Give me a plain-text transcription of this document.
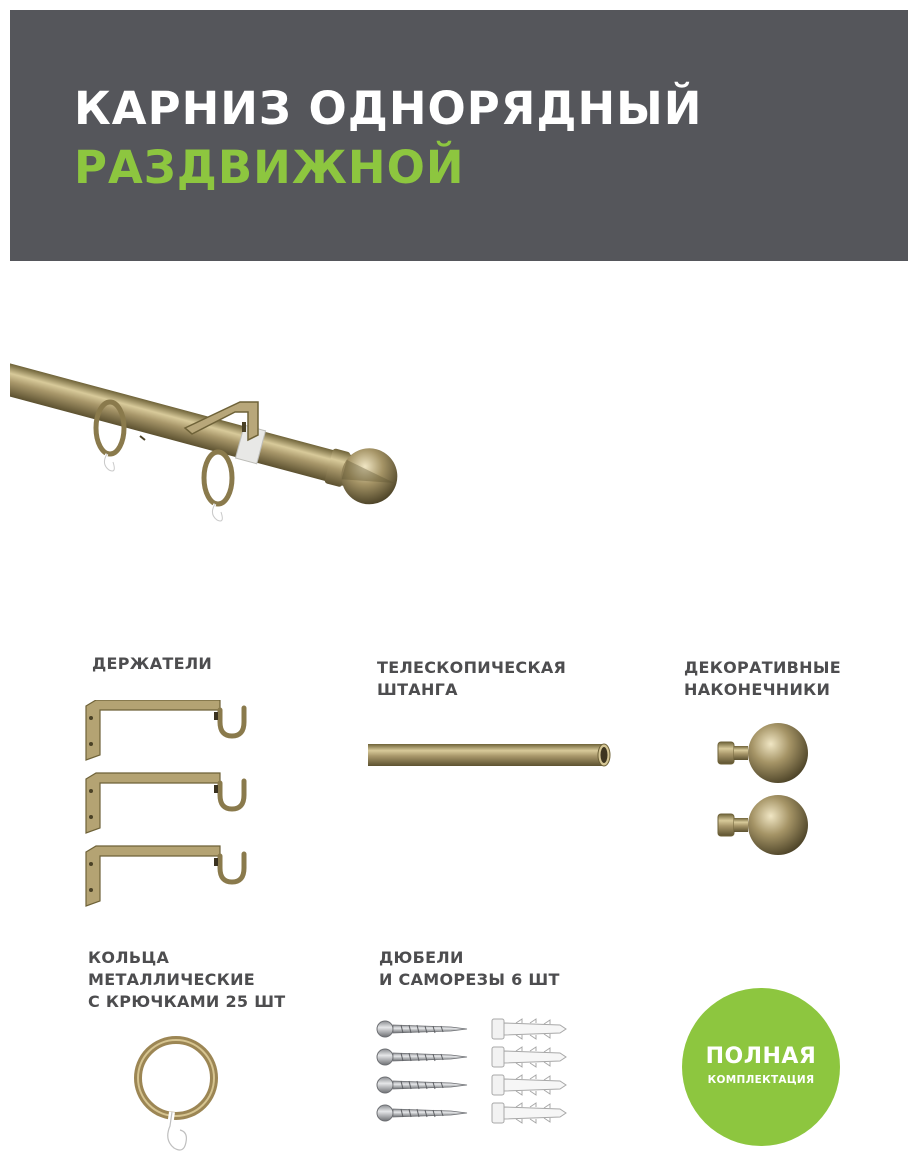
КАРНИЗ ОДНОРЯДНЫЙ
РАЗДВИЖНОЙ
ДЕРЖАТЕЛИ	ТЕЛЕСКОПИЧЕСКАЯ
ШТАНГА
ДЕКОРАТИВНЫЕ
НАКОНЕЧНИКИ
КОЛЬЦА
МЕТАЛЛИЧЕСКИЕ
С КРЮЧКАМИ 25 ШТ
ДЮБЕЛИ
И САМОРЕЗЫ 6 ШТ
ПОЛНАЯ
КОМПЛЕКТАЦИЯ
